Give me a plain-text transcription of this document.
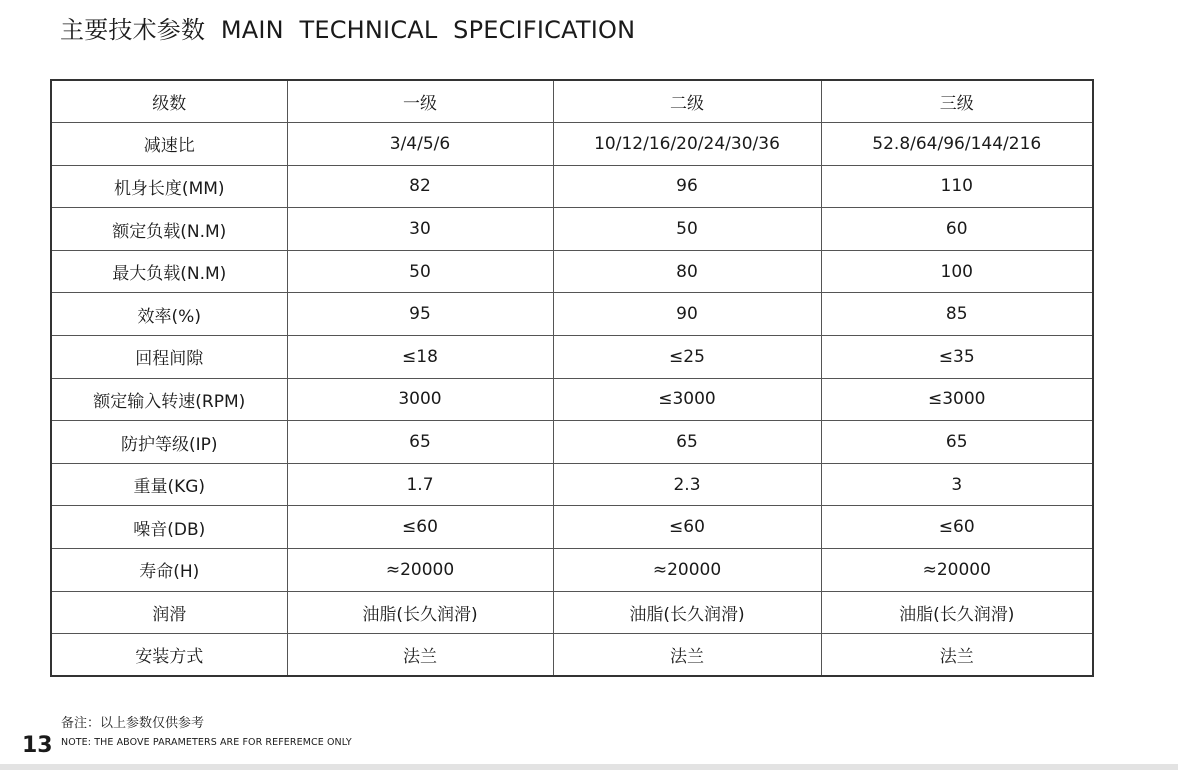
主要技术参数  MAIN  TECHNICAL  SPECIFICATION
级数	一级	二级	三级
减速比	3/4/5/6	10/12/16/20/24/30/36	52.8/64/96/144/216
机身长度(MM)	82	96	110
额定负载(N.M)	30	50	60
最大负载(N.M)	50	80	100
效率(%)	95	90	85
回程间隙	≤18	≤25	≤35
额定输入转速(RPM)	3000	≤3000	≤3000
防护等级(IP)	65	65	65
重量(KG)	1.7	2.3	3
噪音(DB)	≤60	≤60	≤60
寿命(H)	≈20000	≈20000	≈20000
润滑	油脂(长久润滑)	油脂(长久润滑)	油脂(长久润滑)
安装方式	法兰	法兰	法兰
备注：以上参数仅供参考
NOTE: THE ABOVE PARAMETERS ARE FOR REFEREMCE ONLY
13
